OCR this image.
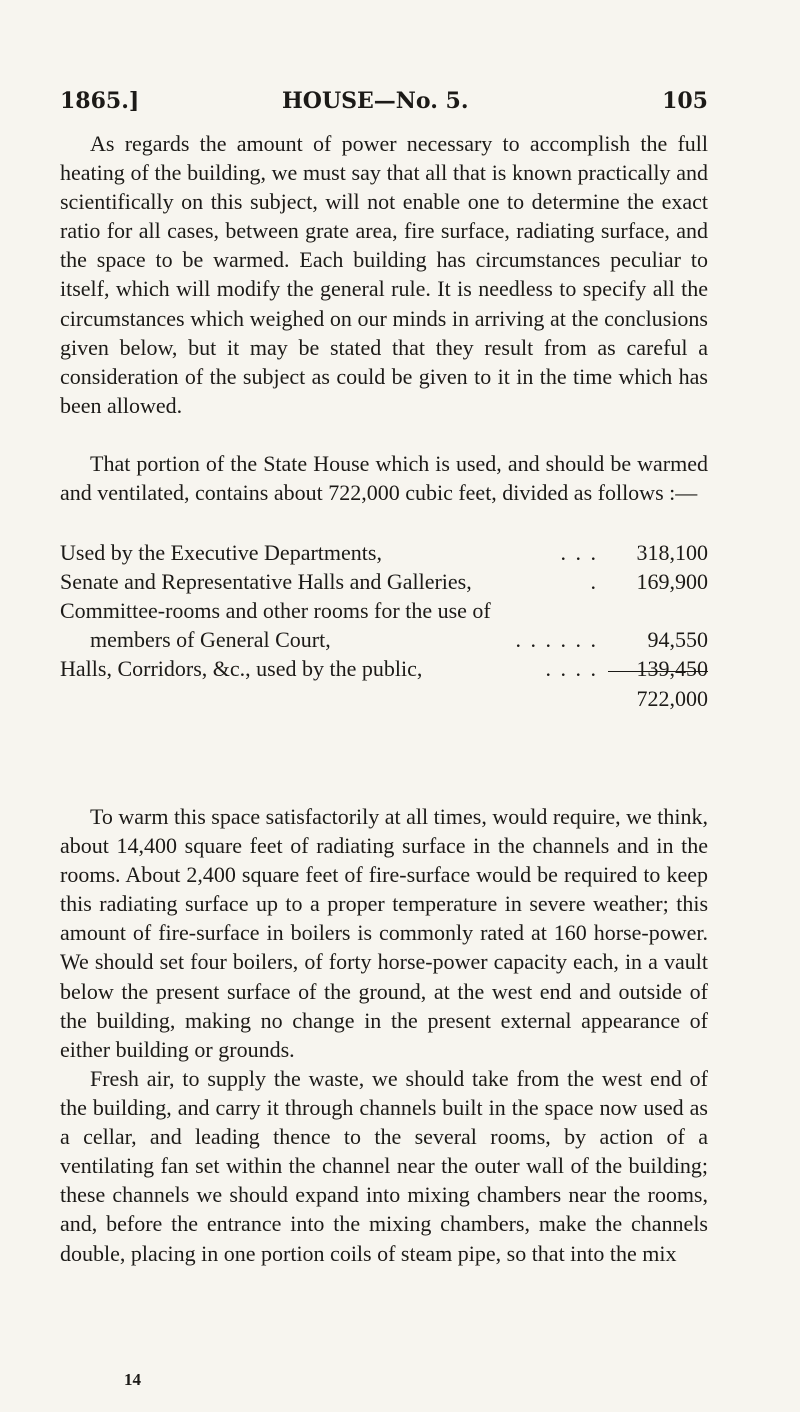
1865.]	HOUSE—No. 5.	105

As regards the amount of power necessary to accomplish the full heating of the building, we must say that all that is known practically and scientifically on this subject, will not enable one to determine the exact ratio for all cases, between grate area, fire surface, radiating surface, and the space to be warmed. Each building has circumstances peculiar to itself, which will modify the general rule. It is needless to specify all the circumstances which weighed on our minds in arriving at the conclusions given below, but it may be stated that they result from as careful a consideration of the subject as could be given to it in the time which has been allowed.

That portion of the State House which is used, and should be warmed and ventilated, contains about 722,000 cubic feet, divided as follows :—

Used by the Executive Departments,	. . .	318,100
Senate and Representative Halls and Galleries,	.	169,900
Committee-rooms and other rooms for the use of
members of General Court,	. . . . . .	94,550
Halls, Corridors, &c., used by the public,	. . . .	139,450
722,000

To warm this space satisfactorily at all times, would require, we think, about 14,400 square feet of radiating surface in the channels and in the rooms. About 2,400 square feet of fire-surface would be required to keep this radiating surface up to a proper temperature in severe weather; this amount of fire-surface in boilers is commonly rated at 160 horse-power. We should set four boilers, of forty horse-power capacity each, in a vault below the present surface of the ground, at the west end and outside of the building, making no change in the present external appearance of either building or grounds.

Fresh air, to supply the waste, we should take from the west end of the building, and carry it through channels built in the space now used as a cellar, and leading thence to the several rooms, by action of a ventilating fan set within the channel near the outer wall of the building; these channels we should expand into mixing chambers near the rooms, and, before the entrance into the mixing chambers, make the channels double, placing in one portion coils of steam pipe, so that into the mix

14
